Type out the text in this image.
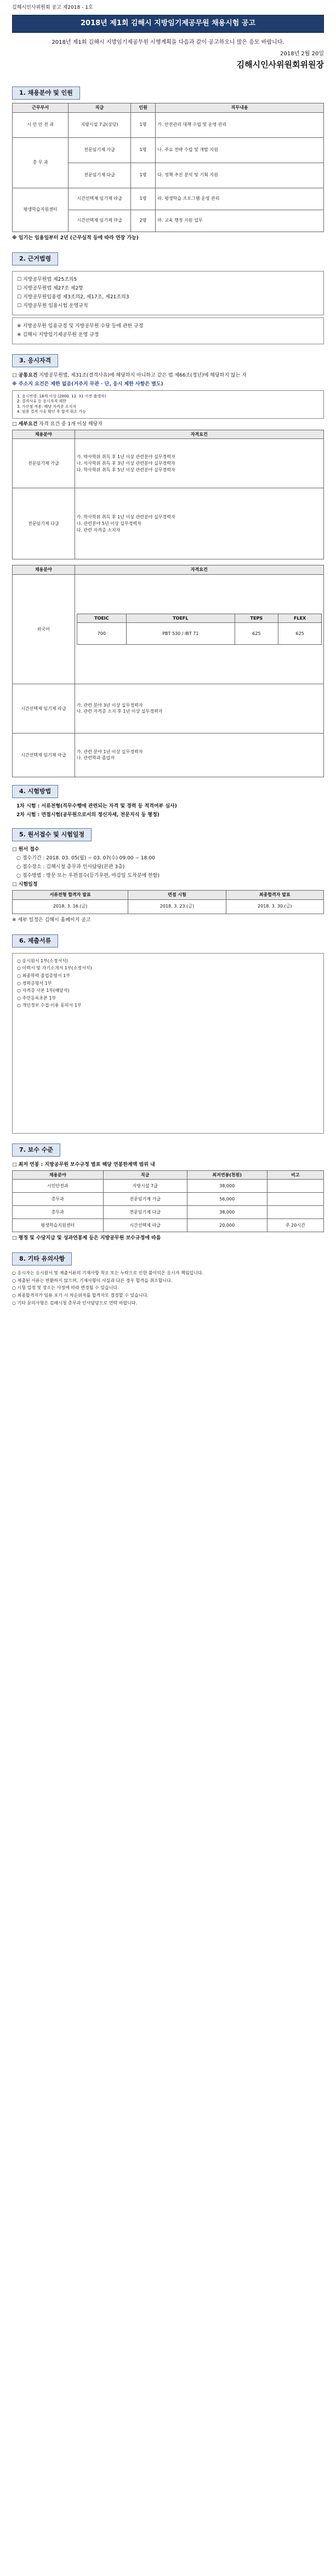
김해시인사위원회 공고 제2018 - 1호
2018년 제1회 김해시 지방임기제공무원 채용시험 공고
2018년 제1회 김해시 지방임기제공무원 시행계획을 다음과 같이 공고하오니 많은 응모 바랍니다.
2018년 2월 20일
김해시인사위원회위원장
1. 채용분야 및 인원
근무부서	직급	인원	직무내용
시 민 안 전 과	지방시설 7급(상당)	1명	가. 안전관리 대책 수립 및 운영 관리
총 무 과	전문임기제 가급	1명	나. 주요 전략 수립 및 개발 지원
	전문임기제 다급	1명	다. 정책 추진 분석 및 기획 지원
평생학습지원센터	시간선택제 임기제 라급	1명	라. 평생학습 프로그램 운영 관리
	시간선택제 임기제 마급	2명	마. 교육 행정 지원 업무
※ 임기는 임용일부터 2년 (근무실적 등에 따라 연장 가능)
2. 근거법령
☐ 지방공무원법 제25조의5
☐ 지방공무원법 제27조 제2항
☐ 지방공무원임용령 제3조의2, 제17조, 제21조의3
☐ 지방공무원 임용시험 운영규칙
※ 지방공무원 임용규정 및 지방공무원 수당 등에 관한 규정
※ 김해시 지방임기제공무원 운영 규정
3. 응시자격
□ 공통요건 지방공무원법, 제31조(결격사유)에 해당하지 아니하고 같은 법 제66조(정년)에 해당하지 않는 자
※ 주소지 요건은 제한 없음(거주지 무관 · 단, 응시 제한 사항은 별도)
1. 응시연령: 18세 이상 (2000. 12. 31 이전 출생자)
2. 결격사유 등 응시자격 제한
3. 가산점 적용: 해당 자격증 소지자
4. 임용 결격 사유 확인 후 합격 취소 가능
□ 세부요건 자격 요건 중 1개 이상 해당자
채용분야	자격요건
전문임기제 가급	가. 박사학위 취득 후 1년 이상 관련분야 실무경력자
나. 석사학위 취득 후 3년 이상 관련분야 실무경력자
다. 학사학위 취득 후 5년 이상 관련분야 실무경력자
전문임기제 다급	가. 학사학위 취득 후 1년 이상 관련분야 실무경력자
나. 관련분야 5년 이상 실무경력자
다. 관련 자격증 소지자
채용분야	자격요건
외국어	
TOEIC	TOEFL	TEPS	FLEX
700	PBT 530 / IBT 71	625	625

시간선택제 임기제 라급	가. 관련 분야 3년 이상 실무경력자
나. 관련 자격증 소지 후 1년 이상 실무경력자
시간선택제 임기제 마급	가. 관련 분야 1년 이상 실무경력자
나. 관련학과 졸업자
4. 시험방법
1차 시험 : 서류전형(직무수행에 관련되는 자격 및 경력 등 적격여부 심사)
2차 시험 : 면접시험(공무원으로서의 정신자세, 전문지식 등 평정)
5. 원서접수 및 시험일정
□ 원서 접수
○ 접수기간 : 2018. 03. 05(월) ~ 03. 07(수) 09:00 ~ 18:00
○ 접수장소 : 김해시청 총무과 인사담당(본관 3층)
○ 접수방법 : 방문 또는 우편접수(등기우편, 마감일 도착분에 한함)
□ 시험일정
서류전형 합격자 발표	면접 시험	최종합격자 발표
2018. 3. 16.(금)	2018. 3. 23.(금)	2018. 3. 30.(금)
※ 세부 일정은 김해시 홈페이지 공고
6. 제출서류

○ 응시원서 1부(소정서식)

○ 이력서 및 자기소개서 1부(소정서식)

○ 최종학력 졸업증명서 1부

○ 경력증명서 1부

○ 자격증 사본 1부(해당자)

○ 주민등록초본 1부

○ 개인정보 수집·이용 동의서 1부

7. 보수 수준
□ 최저 연봉 : 지방공무원 보수규정 별표 해당 연봉한계액 범위 내
채용분야	직급	최저연봉(천원)	비고
시민안전과	지방시설 7급	38,000	
총무과	전문임기제 가급	56,000	
총무과	전문임기제 다급	38,000	
평생학습지원센터	시간선택제 라급	20,000	주 20시간
□ 평정 및 수당지급 및 성과연봉제 등은 지방공무원 보수규정에 따름
8. 기타 유의사항

○ 응시자는 응시원서 및 제출서류의 기재사항 착오 또는 누락으로 인한 불이익은 응시자 책임입니다.

○ 제출된 서류는 반환하지 않으며, 기재사항이 사실과 다른 경우 합격을 취소합니다.

○ 시험 일정 및 장소는 사정에 따라 변경될 수 있습니다.

○ 최종합격자가 임용 포기 시 차순위자를 합격자로 결정할 수 있습니다.

○ 기타 문의사항은 김해시청 총무과 인사담당으로 연락 바랍니다.
